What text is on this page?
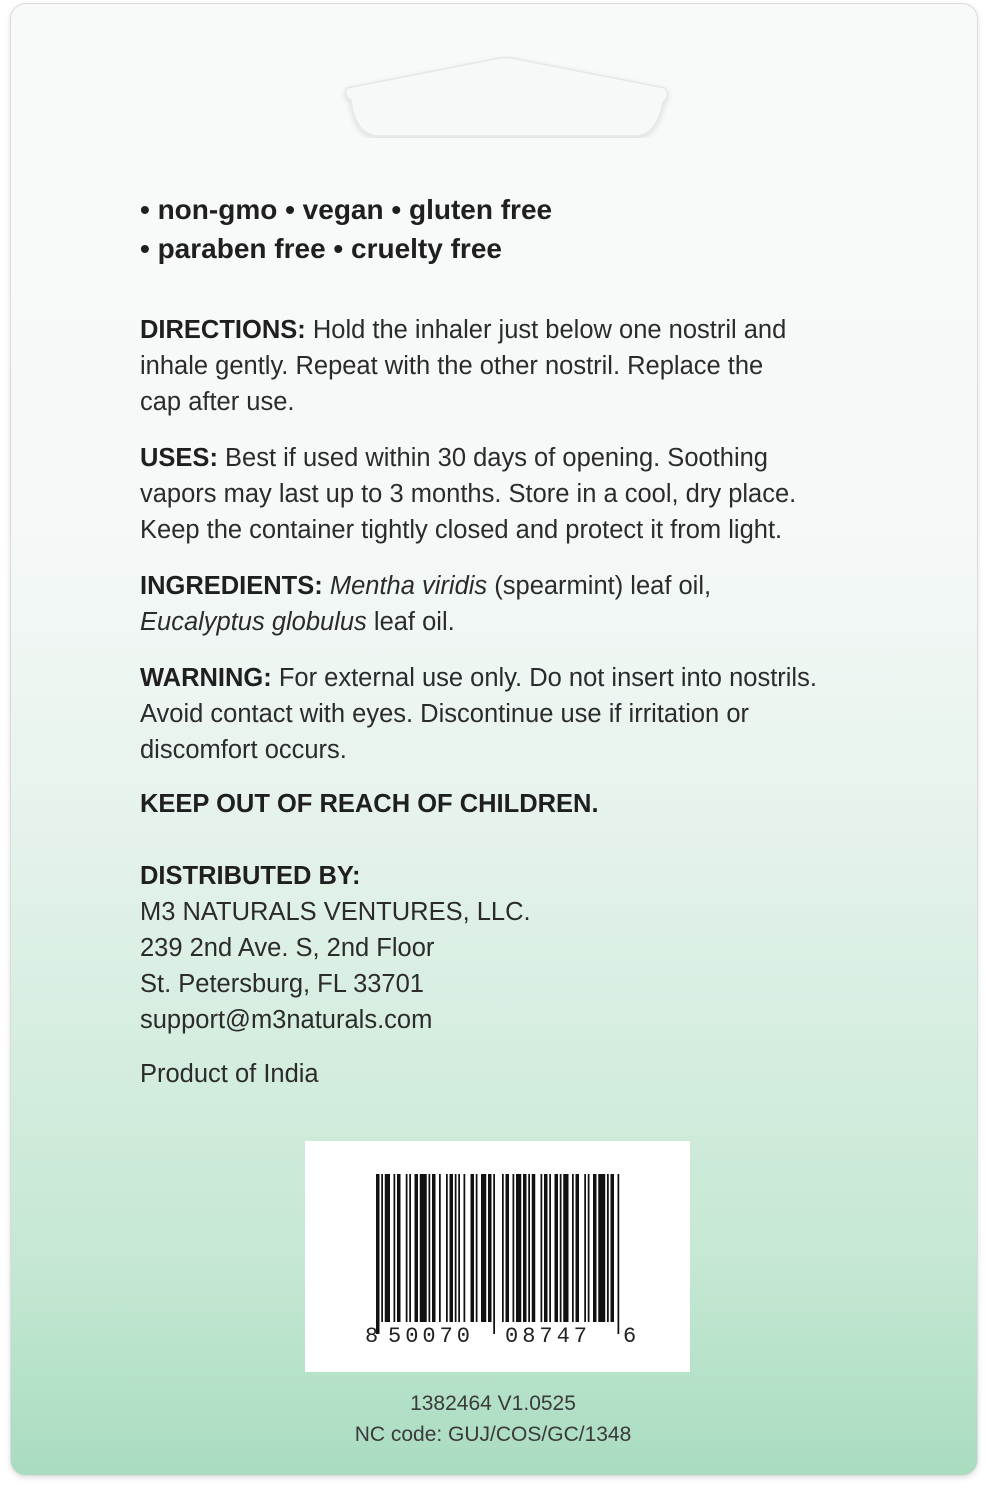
• non-gmo • vegan • gluten free
• paraben free • cruelty free
DIRECTIONS: Hold the inhaler just below one nostril and
inhale gently. Repeat with the other nostril. Replace the
cap after use.
USES: Best if used within 30 days of opening. Soothing
vapors may last up to 3 months. Store in a cool, dry place.
Keep the container tightly closed and protect it from light.
INGREDIENTS: Mentha viridis (spearmint) leaf oil,
Eucalyptus globulus leaf oil.
WARNING: For external use only. Do not insert into nostrils.
Avoid contact with eyes. Discontinue use if irritation or
discomfort occurs.
KEEP OUT OF REACH OF CHILDREN.
DISTRIBUTED BY:
M3 NATURALS VENTURES, LLC.
239 2nd Ave. S, 2nd Floor
St. Petersburg, FL 33701
support@m3naturals.com
Product of India
8 50070 08747 6
1382464 V1.0525
NC code: GUJ/COS/GC/1348
